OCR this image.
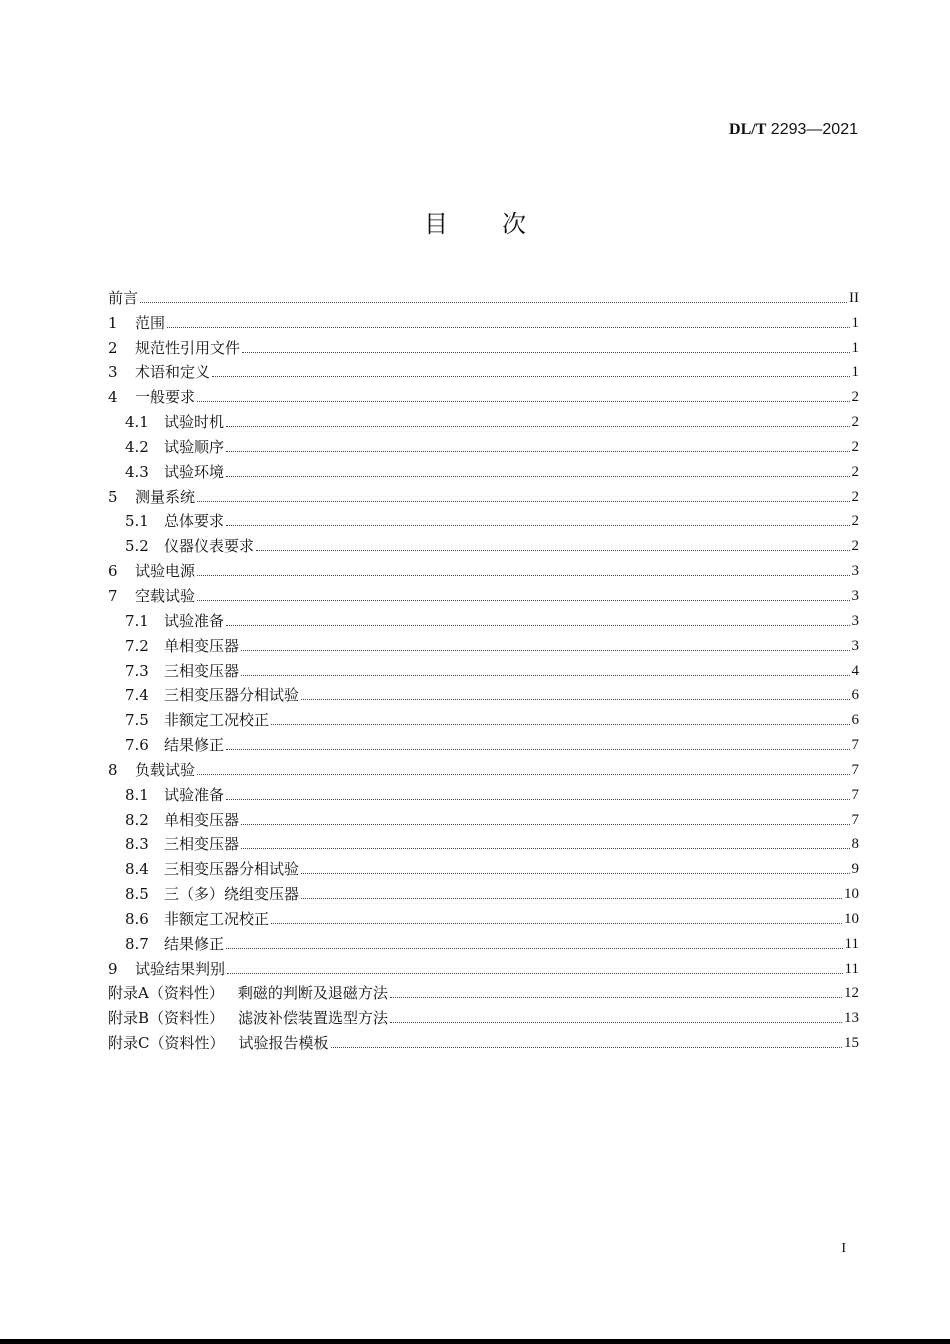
DL/T 2293—2021
目次
前言	II
1	范围	1
2	规范性引用文件	1
3	术语和定义	1
4	一般要求	2
4.1	试验时机	2
4.2	试验顺序	2
4.3	试验环境	2
5	测量系统	2
5.1	总体要求	2
5.2	仪器仪表要求	2
6	试验电源	3
7	空载试验	3
7.1	试验准备	3
7.2	单相变压器	3
7.3	三相变压器	4
7.4	三相变压器分相试验	6
7.5	非额定工况校正	6
7.6	结果修正	7
8	负载试验	7
8.1	试验准备	7
8.2	单相变压器	7
8.3	三相变压器	8
8.4	三相变压器分相试验	9
8.5	三（多）绕组变压器	10
8.6	非额定工况校正	10
8.7	结果修正	11
9	试验结果判别	11
附录A（资料性） 剩磁的判断及退磁方法	12
附录B（资料性） 滤波补偿装置选型方法	13
附录C（资料性） 试验报告模板	15
I
